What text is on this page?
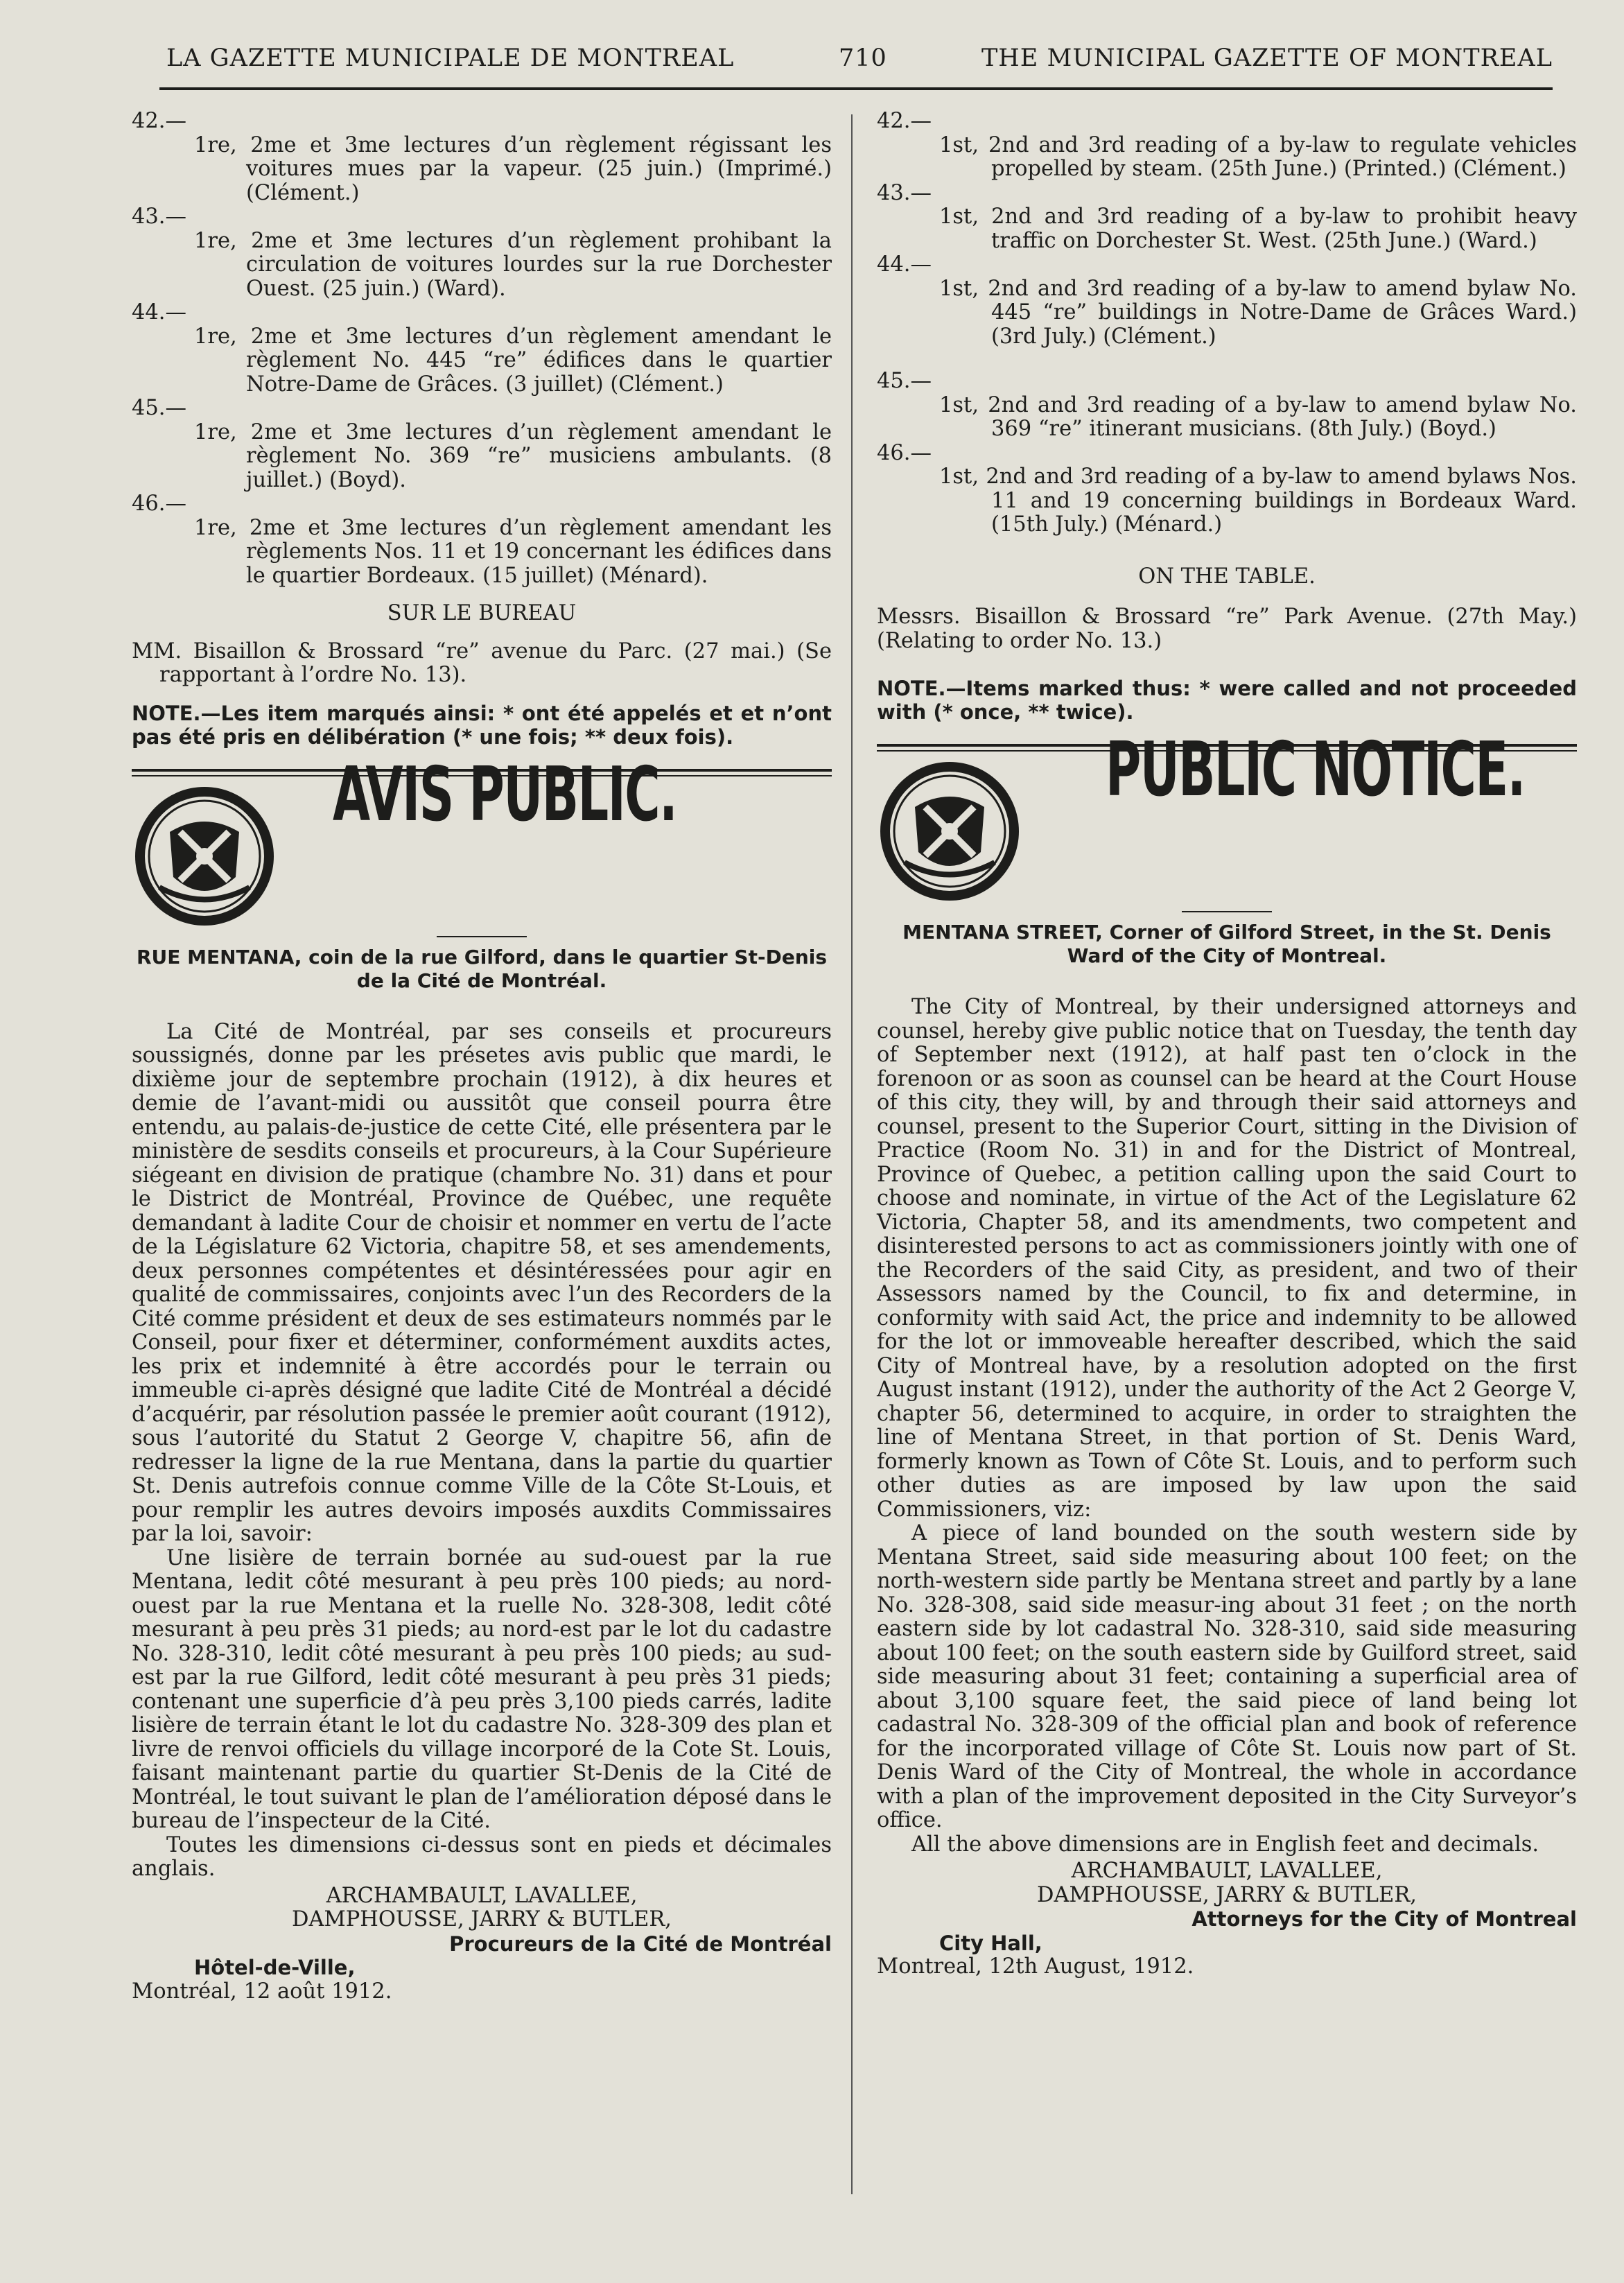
LA GAZETTE MUNICIPALE DE MONTREAL	710	THE MUNICIPAL GAZETTE OF MONTREAL

42.—

1re, 2me et 3me lectures d’un règlement régissant les voitures mues par la vapeur. (25 juin.) (Imprimé.) (Clément.)

43.—

1re, 2me et 3me lectures d’un règlement prohibant la circulation de voitures lourdes sur la rue Dorchester Ouest. (25 juin.) (Ward).

44.—

1re, 2me et 3me lectures d’un règlement amendant le règlement No. 445 “re” édifices dans le quartier Notre-Dame de Grâces. (3 juillet) (Clément.)

45.—

1re, 2me et 3me lectures d’un règlement amendant le règlement No. 369 “re” musiciens ambulants. (8 juillet.) (Boyd).

46.—

1re, 2me et 3me lectures d’un règlement amendant les règlements Nos. 11 et 19 concernant les édifices dans le quartier Bordeaux. (15 juillet) (Ménard).

SUR LE BUREAU

MM. Bisaillon & Brossard “re” avenue du Parc. (27 mai.) (Se rapportant à l’ordre No. 13).

NOTE.—Les item marqués ainsi: * ont été appelés et et n’ont pas été pris en délibération (* une fois; ** deux fois).

AVIS PUBLIC.

RUE MENTANA, coin de la rue Gilford, dans le quartier St-Denis de la Cité de Montréal.

La Cité de Montréal, par ses conseils et procureurs soussignés, donne par les présetes avis public que mardi, le dixième jour de septembre prochain (1912), à dix heures et demie de l’avant-midi ou aussitôt que conseil pourra être entendu, au palais-de-justice de cette Cité, elle présentera par le ministère de sesdits conseils et procureurs, à la Cour Supérieure siégeant en division de pratique (chambre No. 31) dans et pour le District de Montréal, Province de Québec, une requête demandant à ladite Cour de choisir et nommer en vertu de l’acte de la Législature 62 Victoria, chapitre 58, et ses amendements, deux personnes compétentes et désintéressées pour agir en qualité de commissaires, conjoints avec l’un des Recorders de la Cité comme président et deux de ses estimateurs nommés par le Conseil, pour fixer et déterminer, conformément auxdits actes, les prix et indemnité à être accordés pour le terrain ou immeuble ci-après désigné que ladite Cité de Montréal a décidé d’acquérir, par résolution passée le premier août courant (1912), sous l’autorité du Statut 2 George V, chapitre 56, afin de redresser la ligne de la rue Mentana, dans la partie du quartier St. Denis autrefois connue comme Ville de la Côte St-Louis, et pour remplir les autres devoirs imposés auxdits Commissaires par la loi, savoir:

Une lisière de terrain bornée au sud-ouest par la rue Mentana, ledit côté mesurant à peu près 100 pieds; au nord- ouest par la rue Mentana et la ruelle No. 328-308, ledit côté mesurant à peu près 31 pieds; au nord-est par le lot du cadastre No. 328-310, ledit côté mesurant à peu près 100 pieds; au sud-est par la rue Gilford, ledit côté mesurant à peu près 31 pieds; contenant une superficie d’à peu près 3,100 pieds carrés, ladite lisière de terrain étant le lot du cadastre No. 328-309 des plan et livre de renvoi officiels du village incorporé de la Cote St. Louis, faisant maintenant partie du quartier St-Denis de la Cité de Montréal, le tout suivant le plan de l’amélioration déposé dans le bureau de l’inspecteur de la Cité.

Toutes les dimensions ci-dessus sont en pieds et décimales anglais.

ARCHAMBAULT, LAVALLEE,

DAMPHOUSSE, JARRY & BUTLER,

Procureurs de la Cité de Montréal

Hôtel-de-Ville,

Montréal, 12 août 1912.

42.—

1st, 2nd and 3rd reading of a by-law to regulate vehicles propelled by steam. (25th June.) (Printed.) (Clément.)

43.—

1st, 2nd and 3rd reading of a by-law to prohibit heavy traffic on Dorchester St. West. (25th June.) (Ward.)

44.—

1st, 2nd and 3rd reading of a by-law to amend bylaw No. 445 “re” buildings in Notre-Dame de Grâces Ward.) (3rd July.) (Clément.)

45.—

1st, 2nd and 3rd reading of a by-law to amend bylaw No. 369 “re” itinerant musicians. (8th July.) (Boyd.)

46.—

1st, 2nd and 3rd reading of a by-law to amend bylaws Nos. 11 and 19 concerning buildings in Bordeaux Ward. (15th July.) (Ménard.)

ON THE TABLE.

Messrs. Bisaillon & Brossard “re” Park Avenue. (27th May.) (Relating to order No. 13.)

NOTE.—Items marked thus: * were called and not proceeded with (* once, ** twice).

PUBLIC NOTICE.

MENTANA STREET, Corner of Gilford Street, in the St. Denis Ward of the City of Montreal.

The City of Montreal, by their undersigned attorneys and counsel, hereby give public notice that on Tuesday, the tenth day of September next (1912), at half past ten o’clock in the forenoon or as soon as counsel can be heard at the Court House of this city, they will, by and through their said attorneys and counsel, present to the Superior Court, sitting in the Division of Practice (Room No. 31) in and for the District of Montreal, Province of Quebec, a petition calling upon the said Court to choose and nominate, in virtue of the Act of the Legislature 62 Victoria, Chapter 58, and its amendments, two competent and disinterested persons to act as commissioners jointly with one of the Recorders of the said City, as president, and two of their Assessors named by the Council, to fix and determine, in conformity with said Act, the price and indemnity to be allowed for the lot or immoveable hereafter described, which the said City of Montreal have, by a resolution adopted on the first August instant (1912), under the authority of the Act 2 George V, chapter 56, determined to acquire, in order to straighten the line of Mentana Street, in that portion of St. Denis Ward, formerly known as Town of Côte St. Louis, and to perform such other duties as are imposed by law upon the said Commissioners, viz:

A piece of land bounded on the south western side by Mentana Street, said side measuring about 100 feet; on the north-western side partly be Mentana street and partly by a lane No. 328-308, said side measur-ing about 31 feet ; on the north eastern side by lot cadastral No. 328-310, said side measuring about 100 feet; on the south eastern side by Guilford street, said side measuring about 31 feet; containing a superficial area of about 3,100 square feet, the said piece of land being lot cadastral No. 328-309 of the official plan and book of reference for the incorporated village of Côte St. Louis now part of St. Denis Ward of the City of Montreal, the whole in accordance with a plan of the improvement deposited in the City Surveyor’s office.

All the above dimensions are in English feet and decimals.

ARCHAMBAULT, LAVALLEE,

DAMPHOUSSE, JARRY & BUTLER,

Attorneys for the City of Montreal

City Hall,

Montreal, 12th August, 1912.
